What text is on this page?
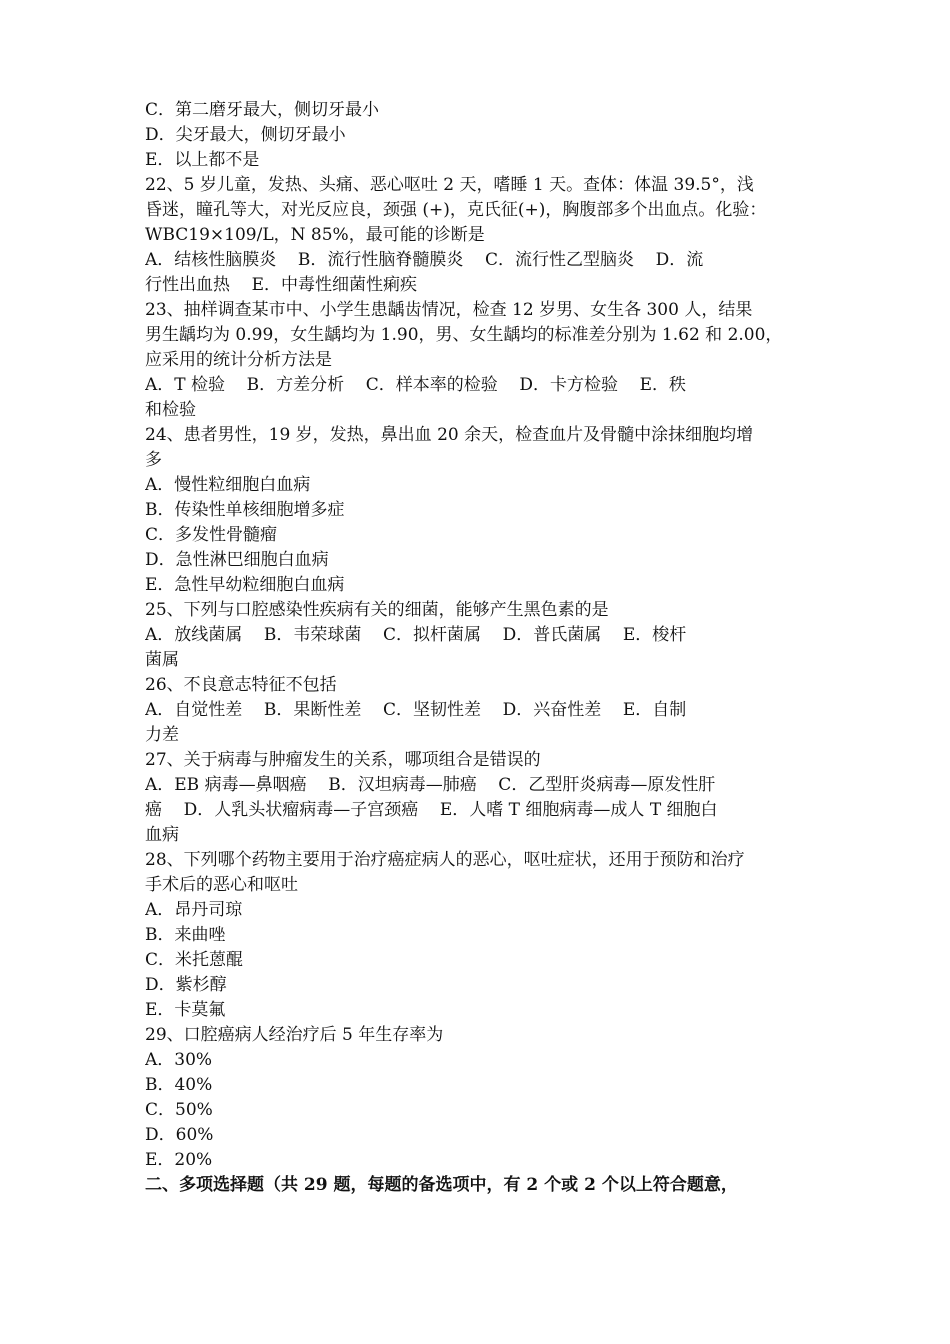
C．第二磨牙最大，侧切牙最小
D．尖牙最大，侧切牙最小
E．以上都不是
22、5 岁儿童，发热、头痛、恶心呕吐 2 天，嗜睡 1 天。查体：体温 39.5°，浅
昏迷，瞳孔等大，对光反应良，颈强 (+)，克氏征(+)，胸腹部多个出血点。化验：
WBC19×109/L，N 85%，最可能的诊断是
A．结核性脑膜炎    B．流行性脑脊髓膜炎    C．流行性乙型脑炎    D．流
行性出血热    E．中毒性细菌性痢疾
23、抽样调查某市中、小学生患龋齿情况，检查 12 岁男、女生各 300 人，结果
男生龋均为 0.99，女生龋均为 1.90，男、女生龋均的标准差分别为 1.62 和 2.00，
应采用的统计分析方法是
A．T 检验    B．方差分析    C．样本率的检验    D．卡方检验    E．秩
和检验
24、患者男性，19 岁，发热，鼻出血 20 余天，检查血片及骨髓中涂抹细胞均增
多
A．慢性粒细胞白血病
B．传染性单核细胞增多症
C．多发性骨髓瘤
D．急性淋巴细胞白血病
E．急性早幼粒细胞白血病
25、下列与口腔感染性疾病有关的细菌，能够产生黑色素的是
A．放线菌属    B．韦荣球菌    C．拟杆菌属    D．普氏菌属    E．梭杆
菌属
26、不良意志特征不包括
A．自觉性差    B．果断性差    C．坚韧性差    D．兴奋性差    E．自制
力差
27、关于病毒与肿瘤发生的关系，哪项组合是错误的
A．EB 病毒—鼻咽癌    B．汉坦病毒—肺癌    C．乙型肝炎病毒—原发性肝
癌    D．人乳头状瘤病毒—子宫颈癌    E．人嗜 T 细胞病毒—成人 T 细胞白
血病
28、下列哪个药物主要用于治疗癌症病人的恶心，呕吐症状，还用于预防和治疗
手术后的恶心和呕吐
A．昂丹司琼
B．来曲唑
C．米托蒽醌
D．紫杉醇
E．卡莫氟
29、口腔癌病人经治疗后 5 年生存率为
A．30%
B．40%
C．50%
D．60%
E．20%
二、多项选择题（共 29 题，每题的备选项中，有 2 个或 2 个以上符合题意，
